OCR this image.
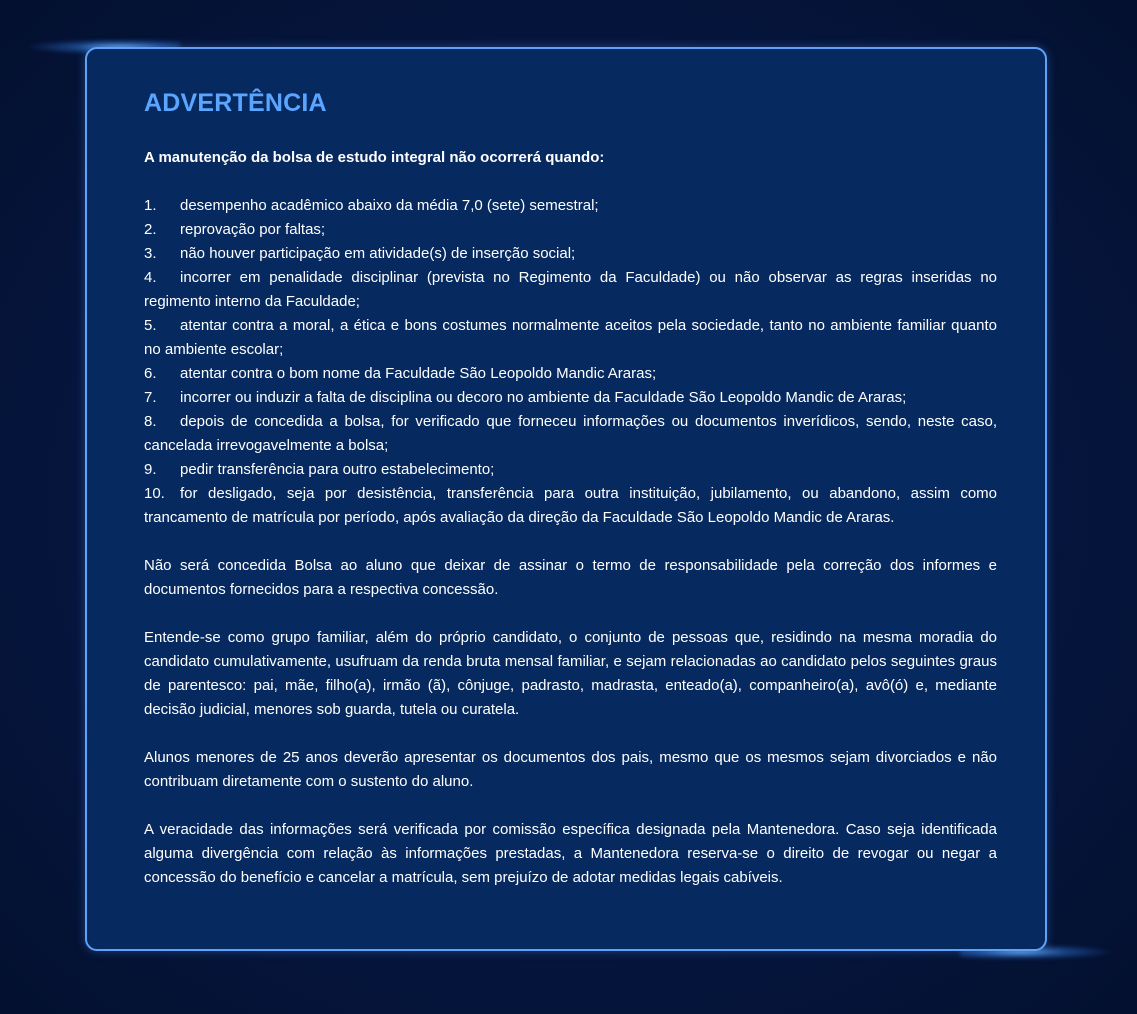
ADVERTÊNCIA
A manutenção da bolsa de estudo integral não ocorrerá quando:
1. desempenho acadêmico abaixo da média 7,0 (sete) semestral;
2. reprovação por faltas;
3. não houver participação em atividade(s) de inserção social;
4. incorrer em penalidade disciplinar (prevista no Regimento da Faculdade) ou não observar as regras inseridas no regimento interno da Faculdade;
5. atentar contra a moral, a ética e bons costumes normalmente aceitos pela sociedade, tanto no ambiente familiar quanto no ambiente escolar;
6. atentar contra o bom nome da Faculdade São Leopoldo Mandic Araras;
7. incorrer ou induzir a falta de disciplina ou decoro no ambiente da Faculdade São Leopoldo Mandic de Araras;
8. depois de concedida a bolsa, for verificado que forneceu informações ou documentos inverídicos, sendo, neste caso, cancelada irrevogavelmente a bolsa;
9. pedir transferência para outro estabelecimento;
10. for desligado, seja por desistência, transferência para outra instituição, jubilamento, ou abandono, assim como trancamento de matrícula por período, após avaliação da direção da Faculdade São Leopoldo Mandic de Araras.

Não será concedida Bolsa ao aluno que deixar de assinar o termo de responsabilidade pela correção dos informes e documentos fornecidos para a respectiva concessão.

Entende-se como grupo familiar, além do próprio candidato, o conjunto de pessoas que, residindo na mesma moradia do candidato cumulativamente, usufruam da renda bruta mensal familiar, e sejam relacionadas ao candidato pelos seguintes graus de parentesco: pai, mãe, filho(a), irmão (ã), cônjuge, padrasto, madrasta, enteado(a), companheiro(a), avô(ó) e, mediante decisão judicial, menores sob guarda, tutela ou curatela.

Alunos menores de 25 anos deverão apresentar os documentos dos pais, mesmo que os mesmos sejam divorciados e não contribuam diretamente com o sustento do aluno.

A veracidade das informações será verificada por comissão específica designada pela Mantenedora. Caso seja identificada alguma divergência com relação às informações prestadas, a Mantenedora reserva-se o direito de revogar ou negar a concessão do benefício e cancelar a matrícula, sem prejuízo de adotar medidas legais cabíveis.
